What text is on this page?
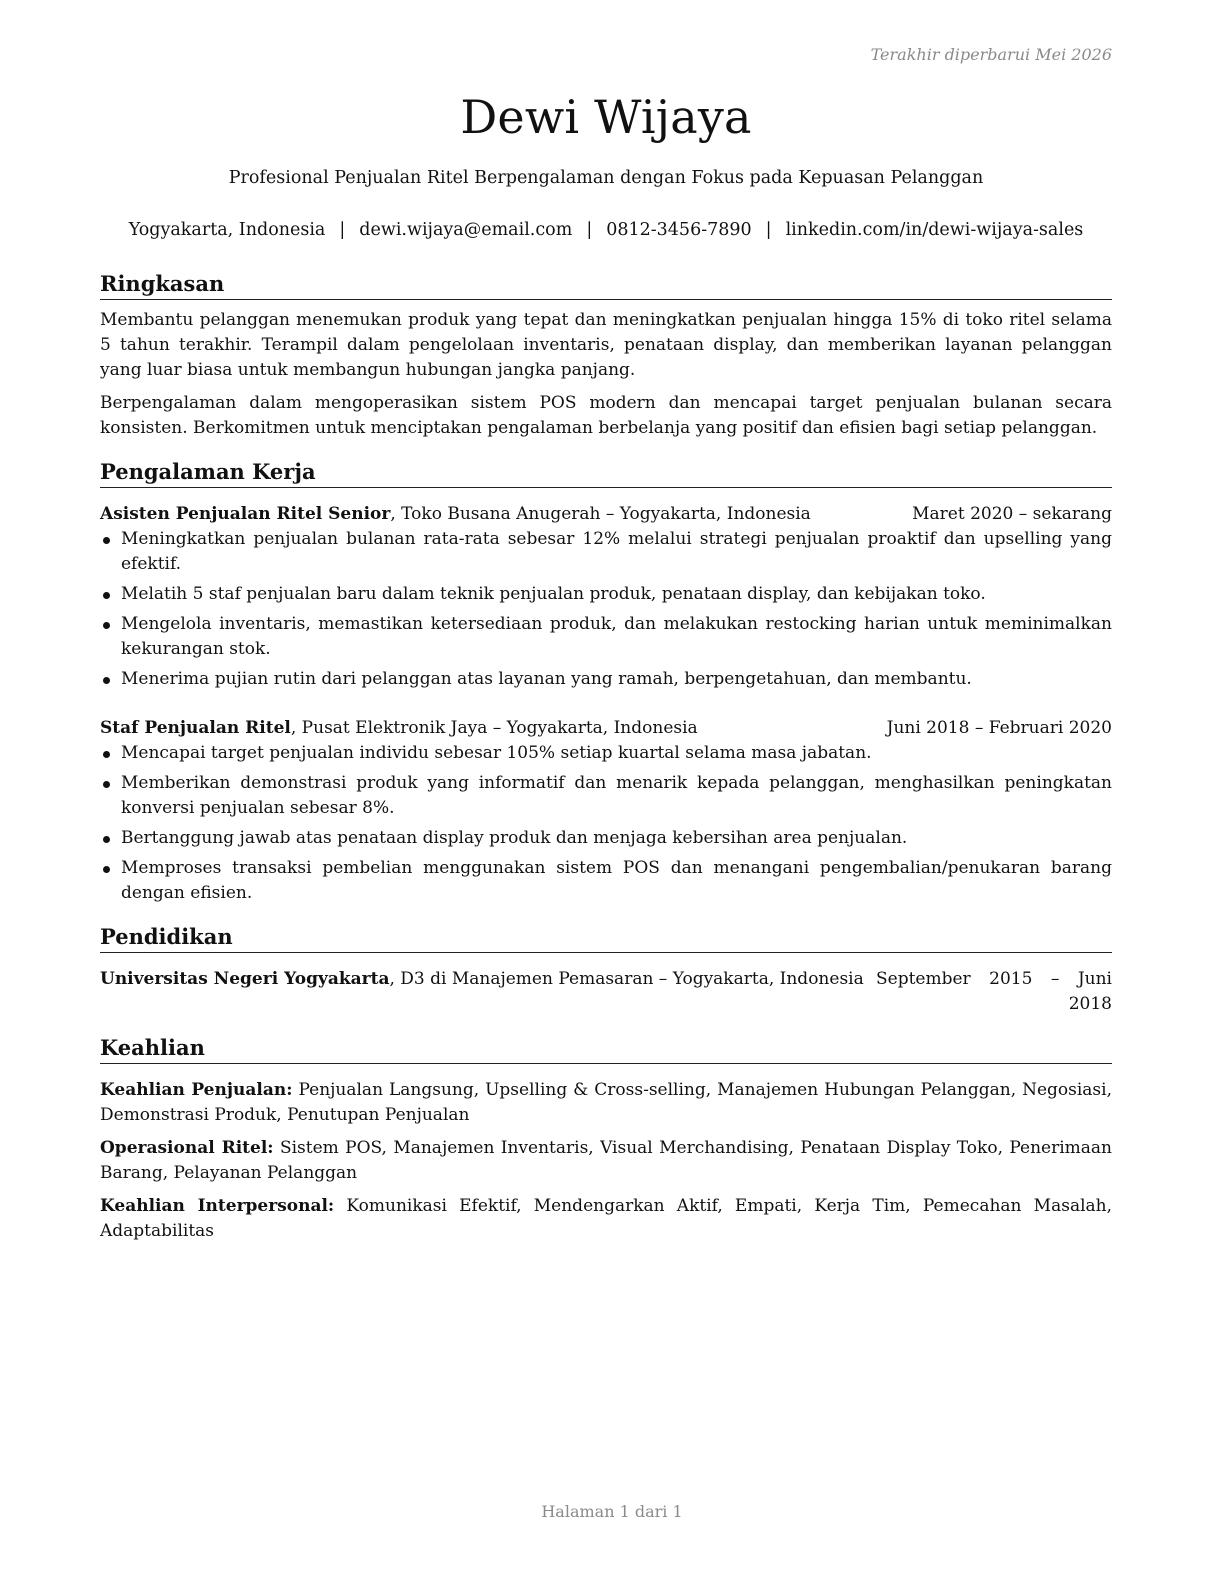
Terakhir diperbarui Mei 2026
Dewi Wijaya
Profesional Penjualan Ritel Berpengalaman dengan Fokus pada Kepuasan Pelanggan
Yogyakarta, Indonesia | dewi.wijaya@email.com | 0812-3456-7890 | linkedin.com/in/dewi-wijaya-sales
Ringkasan

Membantu pelanggan menemukan produk yang tepat dan meningkatkan penjualan hingga 15% di toko ritel selama 5 tahun terakhir. Terampil dalam pengelolaan inventaris, penataan display, dan memberikan layanan pelanggan yang luar biasa untuk membangun hubungan jangka panjang.

Berpengalaman dalam mengoperasikan sistem POS modern dan mencapai target penjualan bulanan secara konsisten. Berkomitmen untuk menciptakan pengalaman berbelanja yang positif dan efisien bagi setiap pelanggan.

Pengalaman Kerja
Asisten Penjualan Ritel Senior, Toko Busana Anugerah – Yogyakarta, Indonesia	Maret 2020 – sekarang
Meningkatkan penjualan bulanan rata-rata sebesar 12% melalui strategi penjualan proaktif dan upselling yang efektif.
Melatih 5 staf penjualan baru dalam teknik penjualan produk, penataan display, dan kebijakan toko.
Mengelola inventaris, memastikan ketersediaan produk, dan melakukan restocking harian untuk meminimalkan kekurangan stok.
Menerima pujian rutin dari pelanggan atas layanan yang ramah, berpengetahuan, dan membantu.
Staf Penjualan Ritel, Pusat Elektronik Jaya – Yogyakarta, Indonesia	Juni 2018 – Februari 2020
Mencapai target penjualan individu sebesar 105% setiap kuartal selama masa jabatan.
Memberikan demonstrasi produk yang informatif dan menarik kepada pelanggan, menghasilkan peningkatan konversi penjualan sebesar 8%.
Bertanggung jawab atas penataan display produk dan menjaga kebersihan area penjualan.
Memproses transaksi pembelian menggunakan sistem POS dan menangani pengembalian/penukaran barang dengan efisien.
Pendidikan
Universitas Negeri Yogyakarta, D3 di Manajemen Pemasaran – Yogyakarta, Indonesia September 2015 – Juni 2018
Keahlian
Keahlian Penjualan: Penjualan Langsung, Upselling & Cross-selling, Manajemen Hubungan Pelanggan, Negosiasi, Demonstrasi Produk, Penutupan Penjualan
Operasional Ritel: Sistem POS, Manajemen Inventaris, Visual Merchandising, Penataan Display Toko, Penerimaan Barang, Pelayanan Pelanggan
Keahlian Interpersonal: Komunikasi Efektif, Mendengarkan Aktif, Empati, Kerja Tim, Pemecahan Masalah, Adaptabilitas
Halaman 1 dari 1
